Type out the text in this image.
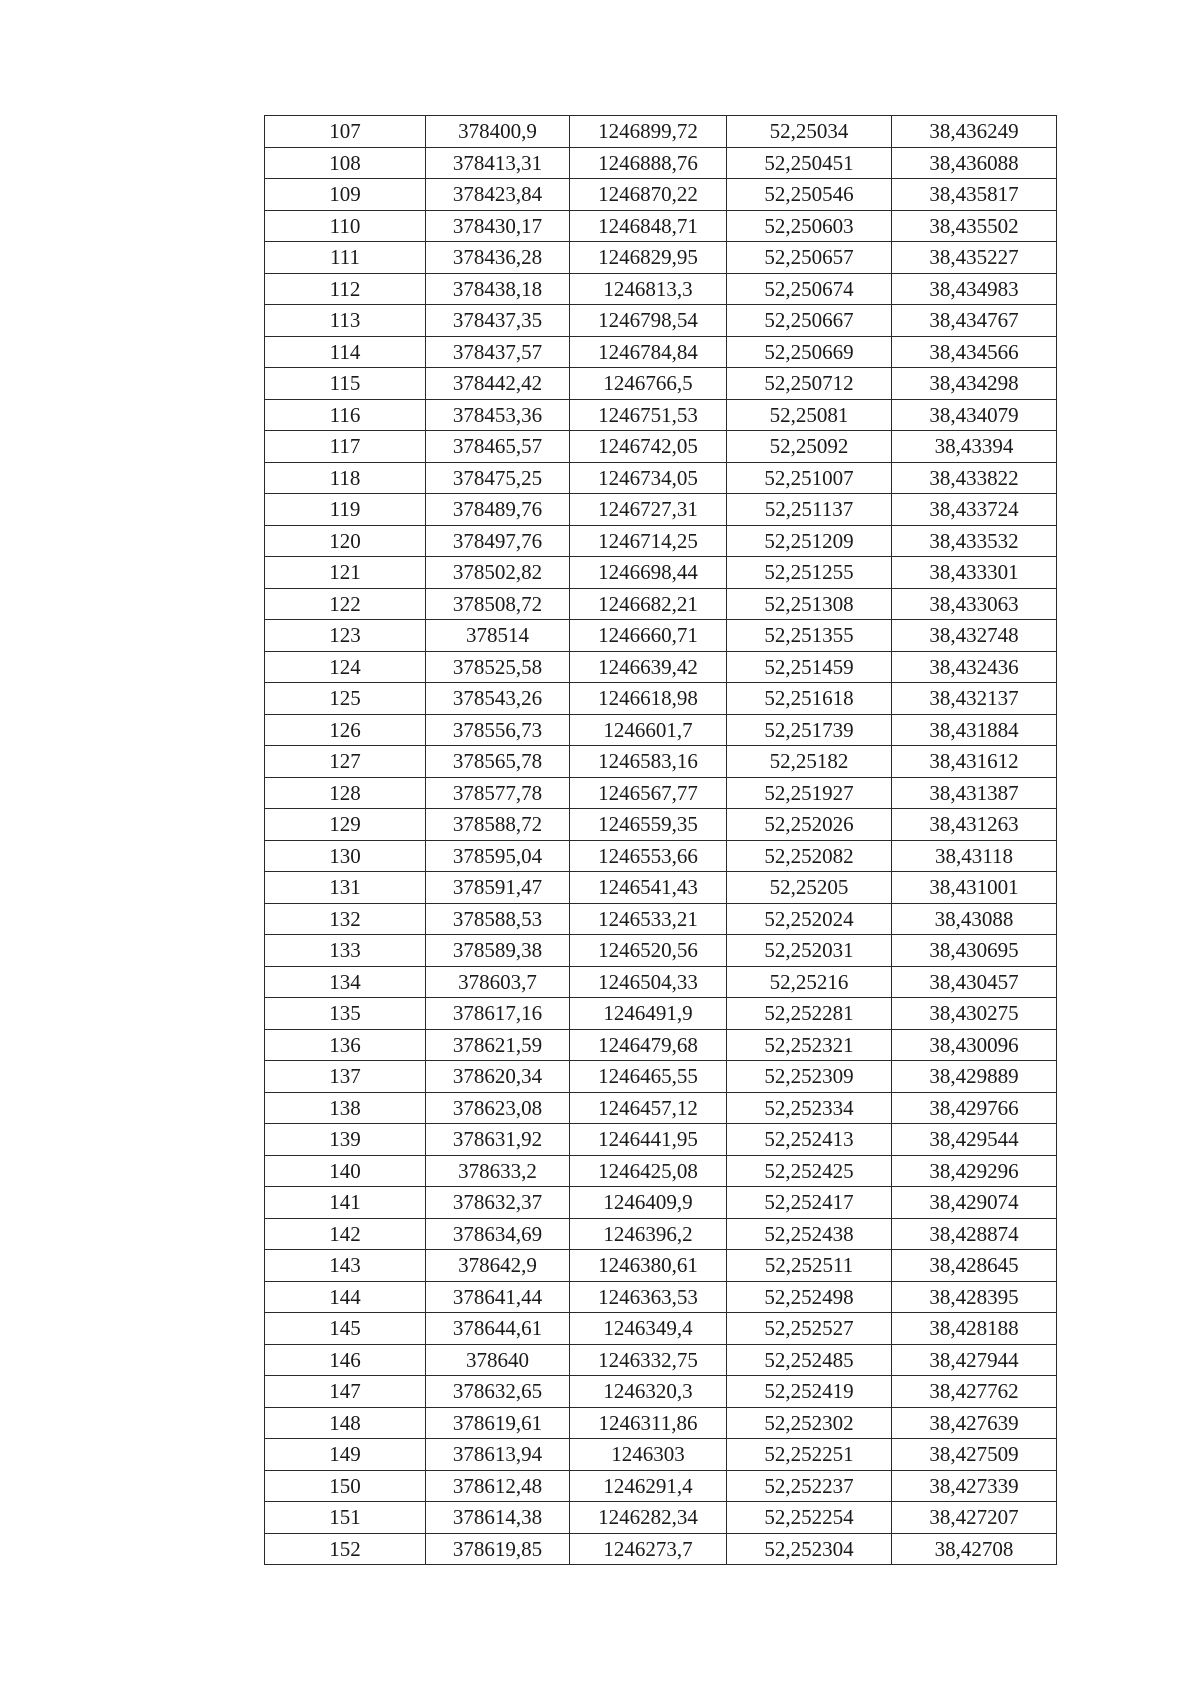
107	378400,9	1246899,72	52,25034	38,436249
108	378413,31	1246888,76	52,250451	38,436088
109	378423,84	1246870,22	52,250546	38,435817
110	378430,17	1246848,71	52,250603	38,435502
111	378436,28	1246829,95	52,250657	38,435227
112	378438,18	1246813,3	52,250674	38,434983
113	378437,35	1246798,54	52,250667	38,434767
114	378437,57	1246784,84	52,250669	38,434566
115	378442,42	1246766,5	52,250712	38,434298
116	378453,36	1246751,53	52,25081	38,434079
117	378465,57	1246742,05	52,25092	38,43394
118	378475,25	1246734,05	52,251007	38,433822
119	378489,76	1246727,31	52,251137	38,433724
120	378497,76	1246714,25	52,251209	38,433532
121	378502,82	1246698,44	52,251255	38,433301
122	378508,72	1246682,21	52,251308	38,433063
123	378514	1246660,71	52,251355	38,432748
124	378525,58	1246639,42	52,251459	38,432436
125	378543,26	1246618,98	52,251618	38,432137
126	378556,73	1246601,7	52,251739	38,431884
127	378565,78	1246583,16	52,25182	38,431612
128	378577,78	1246567,77	52,251927	38,431387
129	378588,72	1246559,35	52,252026	38,431263
130	378595,04	1246553,66	52,252082	38,43118
131	378591,47	1246541,43	52,25205	38,431001
132	378588,53	1246533,21	52,252024	38,43088
133	378589,38	1246520,56	52,252031	38,430695
134	378603,7	1246504,33	52,25216	38,430457
135	378617,16	1246491,9	52,252281	38,430275
136	378621,59	1246479,68	52,252321	38,430096
137	378620,34	1246465,55	52,252309	38,429889
138	378623,08	1246457,12	52,252334	38,429766
139	378631,92	1246441,95	52,252413	38,429544
140	378633,2	1246425,08	52,252425	38,429296
141	378632,37	1246409,9	52,252417	38,429074
142	378634,69	1246396,2	52,252438	38,428874
143	378642,9	1246380,61	52,252511	38,428645
144	378641,44	1246363,53	52,252498	38,428395
145	378644,61	1246349,4	52,252527	38,428188
146	378640	1246332,75	52,252485	38,427944
147	378632,65	1246320,3	52,252419	38,427762
148	378619,61	1246311,86	52,252302	38,427639
149	378613,94	1246303	52,252251	38,427509
150	378612,48	1246291,4	52,252237	38,427339
151	378614,38	1246282,34	52,252254	38,427207
152	378619,85	1246273,7	52,252304	38,42708
